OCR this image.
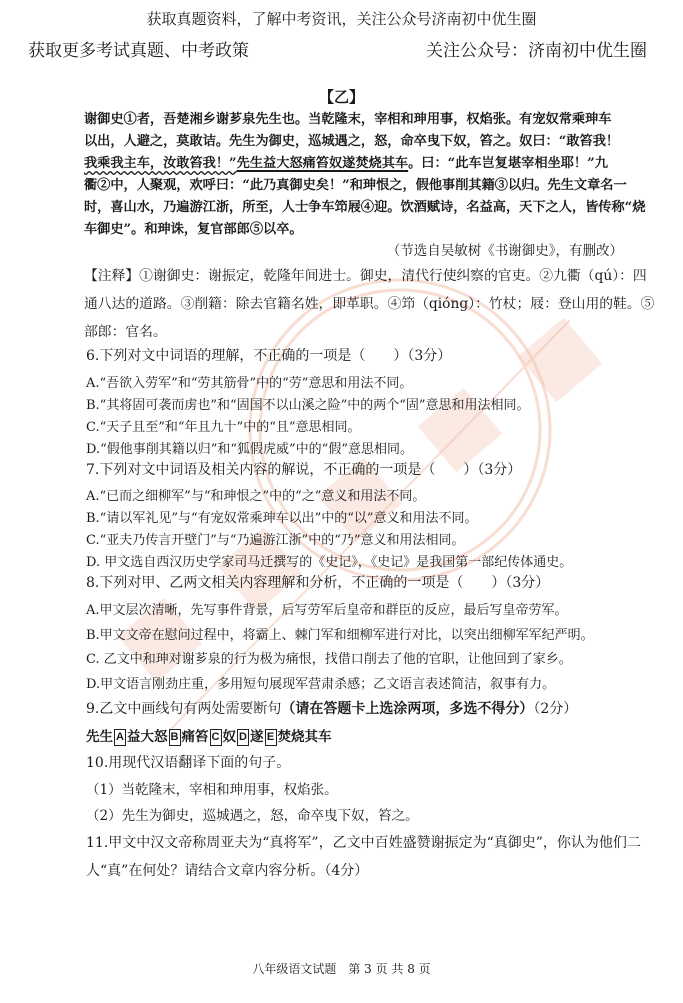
获取真题资料，了解中考资讯，关注公众号济南初中优生圈
获取更多考试真题、中考政策	关注公众号：济南初中优生圈
【乙】
谢御史①者，吾楚湘乡谢芗泉先生也。当乾隆末，宰相和珅用事，权焰张。有宠奴常乘珅车
以出，人避之，莫敢诘。先生为御史，巡城遇之，怒，命卒曳下奴，笞之。奴曰：“敢笞我！
我乘我主车，汝敢笞我！”先生益大怒痛笞奴遂焚烧其车。曰：“此车岂复堪宰相坐耶！”九
衢②中，人聚观，欢呼曰：“此乃真御史矣！”和珅恨之，假他事削其籍③以归。先生文章名一
时，喜山水，乃遍游江浙，所至，人士争车笻屐④迎。饮酒赋诗，名益高，天下之人，皆传称“烧
车御史”。和珅诛，复官部郎⑤以卒。
（节选自吴敏树《书谢御史》，有删改）
【注释】①谢御史：谢振定，乾隆年间进士。御史，清代行使纠察的官吏。②九衢（qú）：四
通八达的道路。③削籍：除去官籍名姓，即革职。④笻（qióng）：竹杖；屐：登山用的鞋。⑤
部郎：官名。
6.下列对文中词语的理解，不正确的一项是（　　）（3分）
A.“吾欲入劳军”和“劳其筋骨”中的“劳”意思和用法不同。
B.“其将固可袭而虏也”和“固国不以山溪之险”中的两个“固”意思和用法相同。
C.“天子且至”和“年且九十”中的“且”意思相同。
D.“假他事削其籍以归”和“狐假虎威”中的“假”意思相同。
7.下列对文中词语及相关内容的解说，不正确的一项是（　　）（3分）
A.“已而之细柳军”与“和珅恨之”中的“之”意义和用法不同。
B.“请以军礼见”与“有宠奴常乘珅车以出”中的“以”意义和用法不同。
C.“亚夫乃传言开壁门”与“乃遍游江浙”中的“乃”意义和用法相同。
D. 甲文选自西汉历史学家司马迁撰写的《史记》，《史记》是我国第一部纪传体通史。
8.下列对甲、乙两文相关内容理解和分析，不正确的一项是（　　）（3分）
A.甲文层次清晰，先写事件背景，后写劳军后皇帝和群臣的反应，最后写皇帝劳军。
B.甲文文帝在慰问过程中，将霸上、棘门军和细柳军进行对比，以突出细柳军军纪严明。
C. 乙文中和珅对谢芗泉的行为极为痛恨，找借口削去了他的官职，让他回到了家乡。
D.甲文语言刚劲庄重，多用短句展现军营肃杀感；乙文语言表述简洁，叙事有力。
9.乙文中画线句有两处需要断句（请在答题卡上选涂两项，多选不得分）（2分）
先生 A 益大怒 B 痛笞 C 奴 D 遂 E 焚烧其车
10.用现代汉语翻译下面的句子。
（1）当乾隆末，宰相和珅用事，权焰张。
（2）先生为御史，巡城遇之，怒，命卒曳下奴，笞之。
11.甲文中汉文帝称周亚夫为“真将军”，乙文中百姓盛赞谢振定为“真御史”，你认为他们二
人“真”在何处？请结合文章内容分析。（4分）
八年级语文试题　第 3 页 共 8 页
